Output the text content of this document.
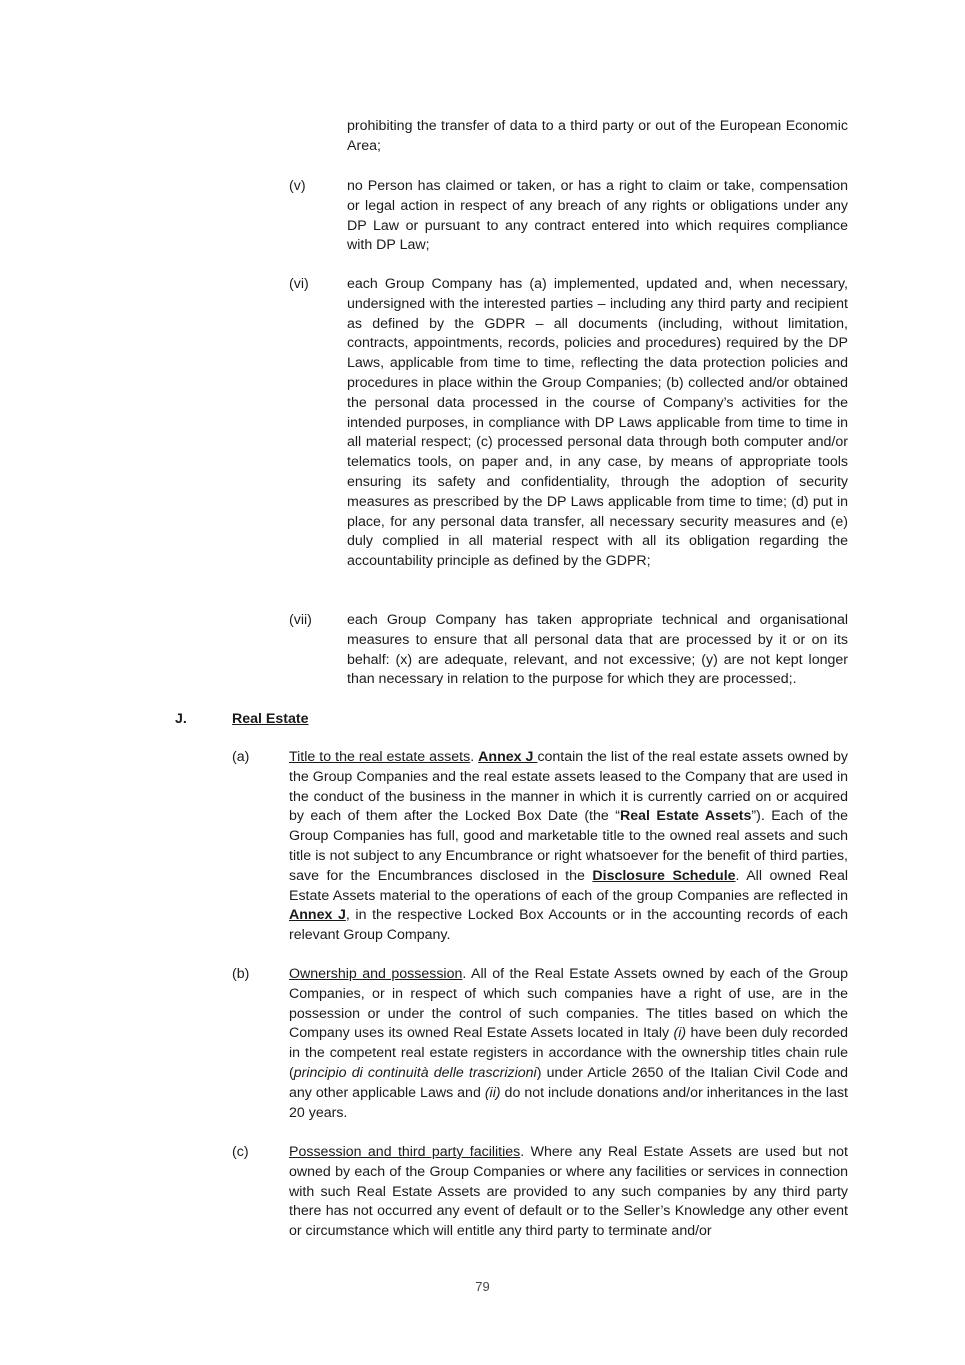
prohibiting the transfer of data to a third party or out of the European Economic Area;

(v)	no Person has claimed or taken, or has a right to claim or take, compensation or legal action in respect of any breach of any rights or obligations under any DP Law or pursuant to any contract entered into which requires compliance with DP Law;

(vi)	each Group Company has (a) implemented, updated and, when necessary, undersigned with the interested parties – including any third party and recipient as defined by the GDPR – all documents (including, without limitation, contracts, appointments, records, policies and procedures) required by the DP Laws, applicable from time to time, reflecting the data protection policies and procedures in place within the Group Companies; (b) collected and/or obtained the personal data processed in the course of Company’s activities for the intended purposes, in compliance with DP Laws applicable from time to time in all material respect; (c) processed personal data through both computer and/or telematics tools, on paper and, in any case, by means of appropriate tools ensuring its safety and confidentiality, through the adoption of security measures as prescribed by the DP Laws applicable from time to time; (d) put in place, for any personal data transfer, all necessary security measures and (e) duly complied in all material respect with all its obligation regarding the accountability principle as defined by the GDPR;

(vii) each Group Company has taken appropriate technical and organisational measures to ensure that all personal data that are processed by it or on its behalf: (x) are adequate, relevant, and not excessive; (y) are not kept longer than necessary in relation to the purpose for which they are processed;.

J.	Real Estate
(a)	Title to the real estate assets. Annex J contain the list of the real estate assets owned by the Group Companies and the real estate assets leased to the Company that are used in the conduct of the business in the manner in which it is currently carried on or acquired by each of them after the Locked Box Date (the “Real Estate Assets”). Each of the Group Companies has full, good and marketable title to the owned real assets and such title is not subject to any Encumbrance or right whatsoever for the benefit of third parties, save for the Encumbrances disclosed in the Disclosure Schedule. All owned Real Estate Assets material to the operations of each of the group Companies are reflected in Annex J, in the respective Locked Box Accounts or in the accounting records of each relevant Group Company.

(b)	Ownership and possession. All of the Real Estate Assets owned by each of the Group Companies, or in respect of which such companies have a right of use, are in the possession or under the control of such companies. The titles based on which the Company uses its owned Real Estate Assets located in Italy (i) have been duly recorded in the competent real estate registers in accordance with the ownership titles chain rule (principio di continuità delle trascrizioni) under Article 2650 of the Italian Civil Code and any other applicable Laws and (ii) do not include donations and/or inheritances in the last 20 years.

(c)	Possession and third party facilities. Where any Real Estate Assets are used but not owned by each of the Group Companies or where any facilities or services in connection with such Real Estate Assets are provided to any such companies by any third party there has not occurred any event of default or to the Seller’s Knowledge any other event or circumstance which will entitle any third party to terminate and/or

79
